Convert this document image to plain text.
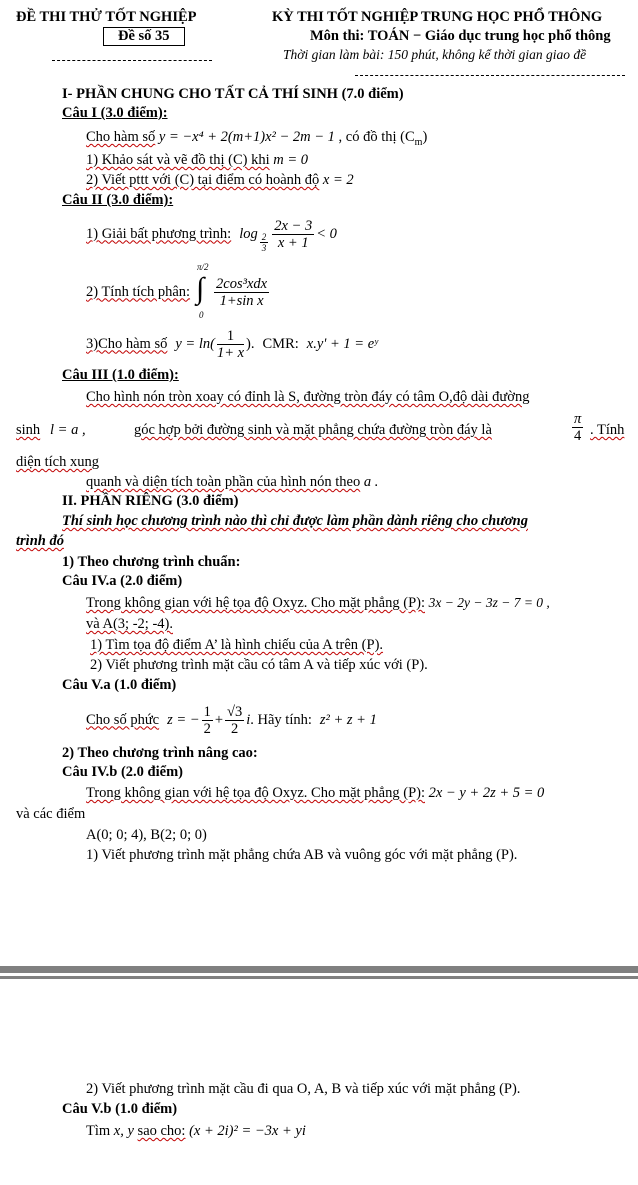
ĐỀ THI THỬ TỐT NGHIỆP
Đề số 35
KỲ THI TỐT NGHIỆP TRUNG HỌC PHỔ THÔNG
Môn thi: TOÁN − Giáo dục trung học phổ thông
Thời gian làm bài: 150 phút, không kể thời gian giao đề
I- PHẦN CHUNG CHO TẤT CẢ THÍ SINH (7.0 điểm)
Câu I (3.0 điểm):
Cho hàm số y = −x⁴ + 2(m+1)x² − 2m − 1 , có đồ thị $(C_m)$
1) Khảo sát và vẽ đồ thị (C) khi m = 0
2) Viết pttt với (C) tại điểm có hoành độ x = 2
Câu II (3.0 điểm):
1) Giải bất phương trình: $\log \frac{2}{3} \frac{2x - 3}{x + 1} < 0$
2) Tính tích phân:
π/2
∫
0
$\frac{\text{2cos³xdx}}{\text{1+sin x}}$
3)Cho hàm số $y = \ln( \frac{1}{1+ x}$ ). CMR: x.y' + 1 = eʸ
Câu III (1.0 điểm):
Cho hình nón tròn xoay có đỉnh là S, đường tròn đáy có tâm O,độ dài đường
sinh l = a ,	góc hợp bởi đường sinh và mặt phẳng chứa đường tròn đáy là	$\frac{\pi}{4}$ . Tính
diện tích xung
quanh và diện tích toàn phần của hình nón theo a .
II. PHẦN RIÊNG (3.0 điểm)
Thí sinh học chương trình nào thì chỉ được làm phần dành riêng cho chương
trình đó
1) Theo chương trình chuẩn:
Câu IV.a (2.0 điểm)
Trong không gian với hệ tọa độ Oxyz. Cho mặt phẳng (P): 3x − 2y − 3z − 7 = 0 ,
và A(3; -2; -4).
1) Tìm tọa độ điểm A’ là hình chiếu của A trên (P).
2) Viết phương trình mặt cầu có tâm A và tiếp xúc với (P).
Câu V.a (1.0 điểm)
Cho số phức z = − $\frac{1}{2} + \frac{√3}{2}$ i . Hãy tính: z² + z + 1
2) Theo chương trình nâng cao:
Câu IV.b (2.0 điểm)
Trong không gian với hệ tọa độ Oxyz. Cho mặt phẳng (P): 2x − y + 2z + 5 = 0
và các điểm
A(0; 0; 4), B(2; 0; 0)
1) Viết phương trình mặt phẳng chứa AB và vuông góc với mặt phẳng (P).
2) Viết phương trình mặt cầu đi qua O, A, B và tiếp xúc với mặt phẳng (P).
Câu V.b (1.0 điểm)
Tìm x, y sao cho: (x + 2i)² = −3x + yi
